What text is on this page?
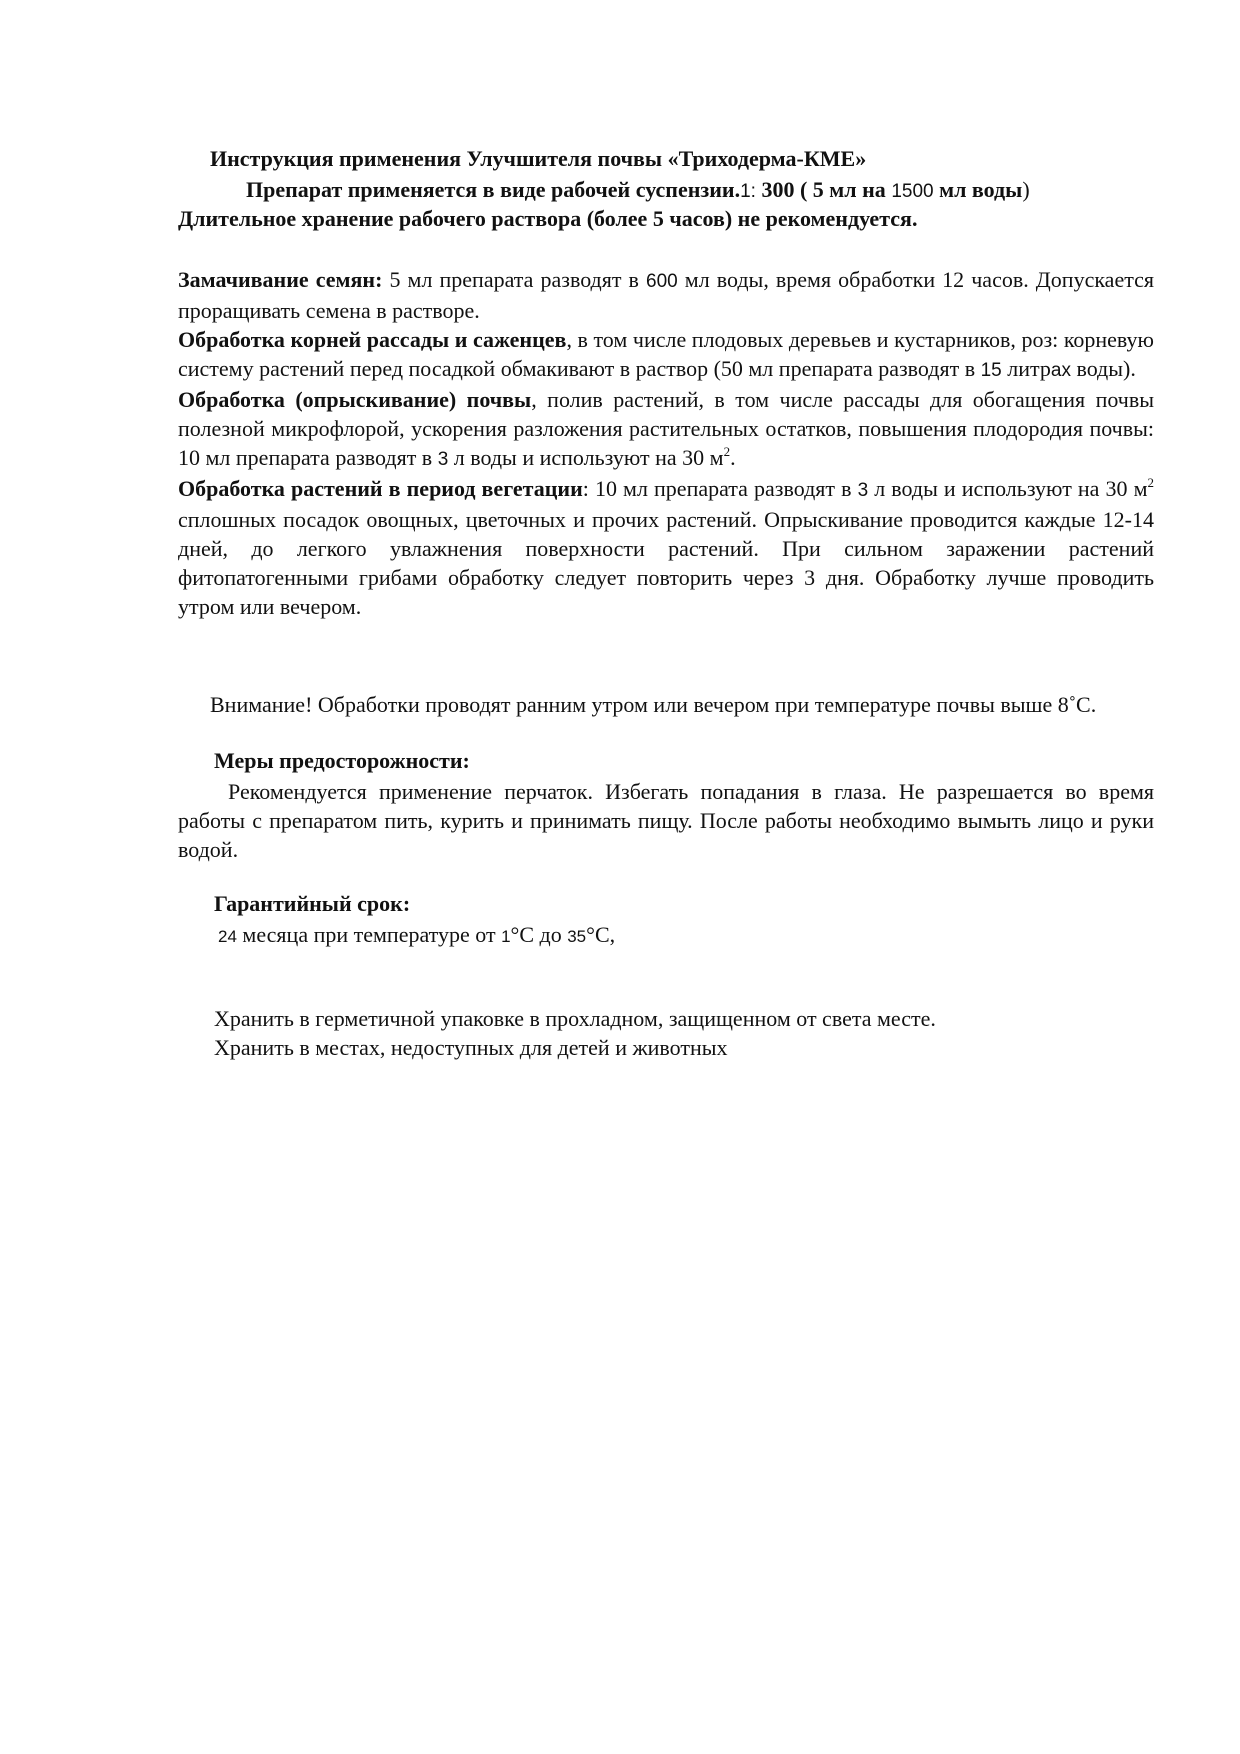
Инструкция применения Улучшителя почвы «Триходерма-КМЕ»
Препарат применяется в виде рабочей суспензии.1: 300 ( 5 мл на 1500 мл воды)
Длительное хранение рабочего раствора (более 5 часов) не рекомендуется.

Замачивание семян: 5 мл препарата разводят в 600 мл воды, время обработки 12 часов. Допускается проращивать семена в растворе.

Обработка корней рассады и саженцев, в том числе плодовых деревьев и кустарников, роз: корневую систему растений перед посадкой обмакивают в раствор (50 мл препарата разводят в 15 литрах воды).

Обработка (опрыскивание) почвы, полив растений, в том числе рассады для обогащения почвы полезной микрофлорой, ускорения разложения растительных остатков, повышения плодородия почвы: 10 мл препарата разводят в 3 л воды и используют на 30 $м^2$.

Обработка растений в период вегетации: 10 мл препарата разводят в 3 л воды и используют на 30 $м^2$ сплошных посадок овощных, цветочных и прочих растений. Опрыскивание проводится каждые 12-14 дней, до легкого увлажнения поверхности растений. При сильном заражении растений фитопатогенными грибами обработку следует повторить через 3 дня. Обработку лучше проводить утром или вечером.

Внимание! Обработки проводят ранним утром или вечером при температуре почвы выше 8˚С.
Меры предосторожности:
Рекомендуется применение перчаток. Избегать попадания в глаза. Не разрешается во время работы с препаратом пить, курить и принимать пищу. После работы необходимо вымыть лицо и руки водой.
Гарантийный срок:
24 месяца при температуре от 1°С до 35°С,
Хранить в герметичной упаковке в прохладном, защищенном от света месте.
Хранить в местах, недоступных для детей и животных
